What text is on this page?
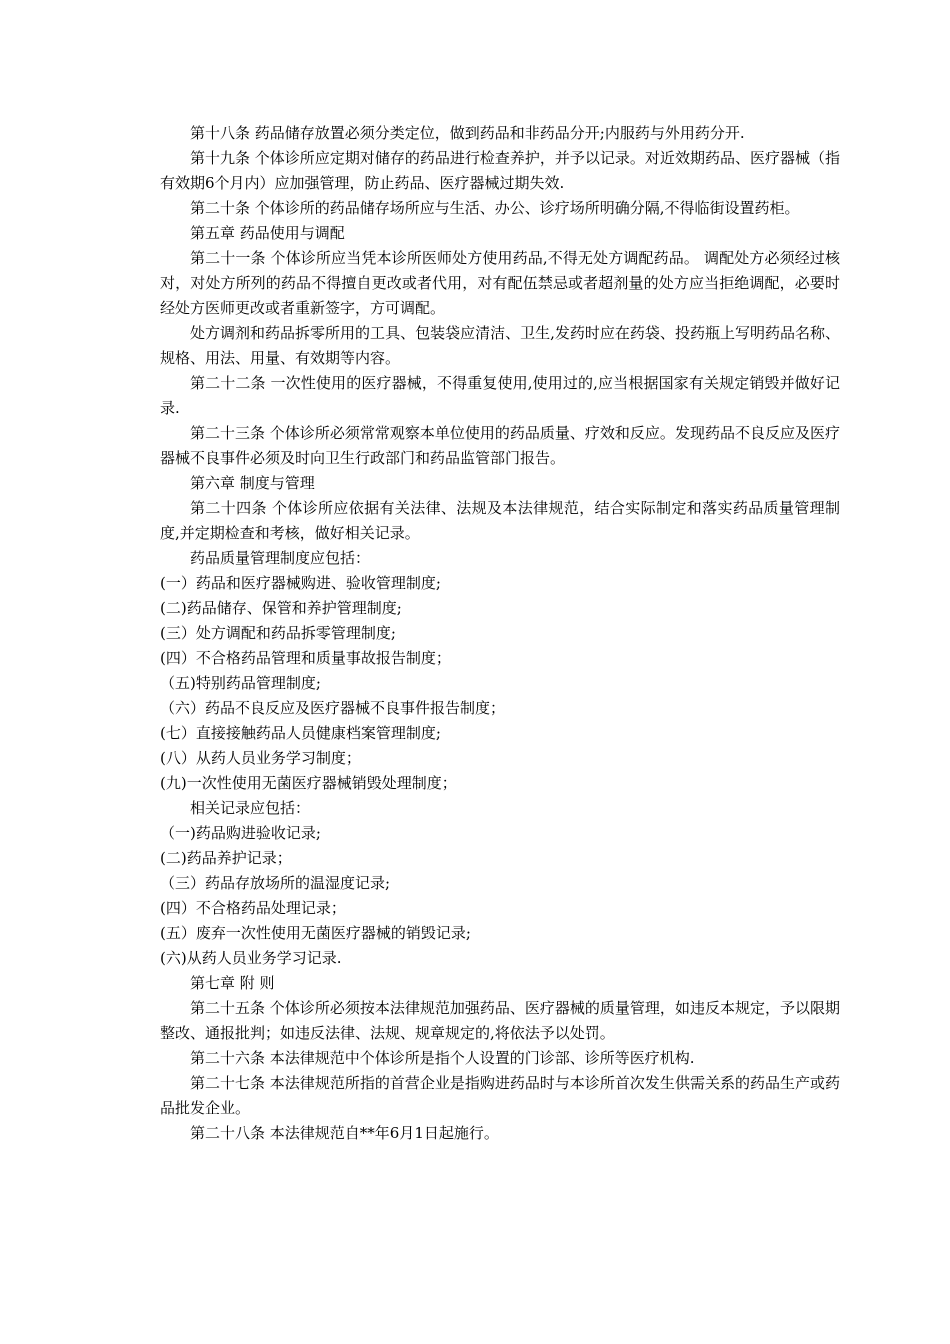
第十八条 药品储存放置必须分类定位，做到药品和非药品分开;内服药与外用药分开.

第十九条 个体诊所应定期对储存的药品进行检查养护，并予以记录。对近效期药品、医疗器械（指有效期6个月内）应加强管理，防止药品、医疗器械过期失效.

第二十条 个体诊所的药品储存场所应与生活、办公、诊疗场所明确分隔,不得临街设置药柜。

第五章 药品使用与调配

第二十一条 个体诊所应当凭本诊所医师处方使用药品,不得无处方调配药品。 调配处方必须经过核对，对处方所列的药品不得擅自更改或者代用，对有配伍禁忌或者超剂量的处方应当拒绝调配，必要时经处方医师更改或者重新签字，方可调配。

处方调剂和药品拆零所用的工具、包装袋应清洁、卫生,发药时应在药袋、投药瓶上写明药品名称、规格、用法、用量、有效期等内容。

第二十二条 一次性使用的医疗器械，不得重复使用,使用过的,应当根据国家有关规定销毁并做好记录.

第二十三条 个体诊所必须常常观察本单位使用的药品质量、疗效和反应。发现药品不良反应及医疗器械不良事件必须及时向卫生行政部门和药品监管部门报告。

第六章 制度与管理

第二十四条 个体诊所应依据有关法律、法规及本法律规范，结合实际制定和落实药品质量管理制度,并定期检查和考核，做好相关记录。

药品质量管理制度应包括：

(一）药品和医疗器械购进、验收管理制度;

(二)药品储存、保管和养护管理制度;

(三）处方调配和药品拆零管理制度;

(四）不合格药品管理和质量事故报告制度；

（五)特别药品管理制度;

（六）药品不良反应及医疗器械不良事件报告制度；

(七）直接接触药品人员健康档案管理制度;

(八）从药人员业务学习制度；

(九)一次性使用无菌医疗器械销毁处理制度；

相关记录应包括：

（一)药品购进验收记录;

(二)药品养护记录；

（三）药品存放场所的温湿度记录;

(四）不合格药品处理记录；

(五）废弃一次性使用无菌医疗器械的销毁记录;

(六)从药人员业务学习记录.

第七章 附 则

第二十五条 个体诊所必须按本法律规范加强药品、医疗器械的质量管理，如违反本规定，予以限期整改、通报批判；如违反法律、法规、规章规定的,将依法予以处罚。

第二十六条 本法律规范中个体诊所是指个人设置的门诊部、诊所等医疗机构.

第二十七条 本法律规范所指的首营企业是指购进药品时与本诊所首次发生供需关系的药品生产或药品批发企业。

第二十八条 本法律规范自**年6月1日起施行。
